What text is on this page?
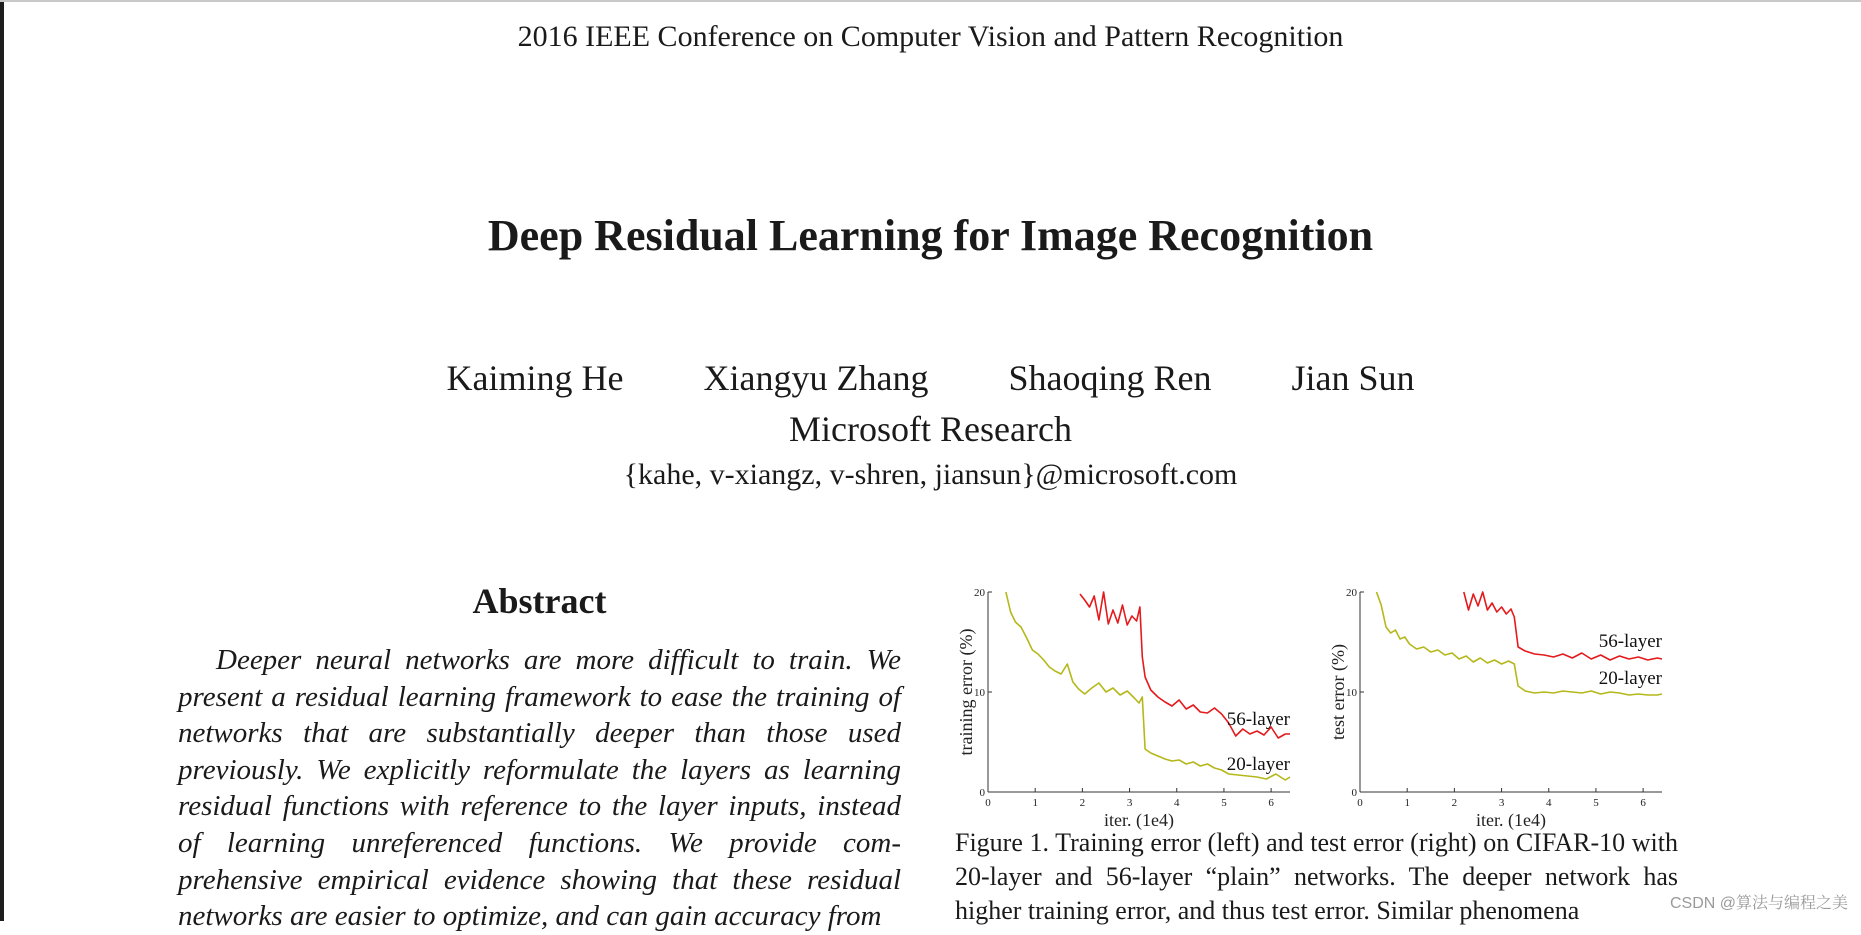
2016 IEEE Conference on Computer Vision and Pattern Recognition
Deep Residual Learning for Image Recognition
Kaiming He Xiangyu Zhang Shaoqing Ren Jian Sun
Microsoft Research
{kahe, v-xiangz, v-shren, jiansun}@microsoft.com
Abstract
Deeper neural networks are more difficult to train. We present a residual learning framework to ease the training of networks that are substantially deeper than those used previously. We explicitly reformulate the layers as learning residual functions with reference to the layer inputs, instead of learning unreferenced functions. We provide comprehensive empirical evidence showing that these residual networks are easier to optimize, and can gain accuracy from
0
10
20
0	1	2	3	4	5	6
iter. (1e4)
training error (%)	56-layer
20-layer
0
10
20
0	1	2	3	4	5	6
iter. (1e4)
test error (%)
56-layer
20-layer
Figure 1. Training error (left) and test error (right) on CIFAR-10 with 20-layer and 56-layer “plain” networks. The deeper network has higher training error, and thus test error. Similar phenomena	CSDN @算法与编程之美
